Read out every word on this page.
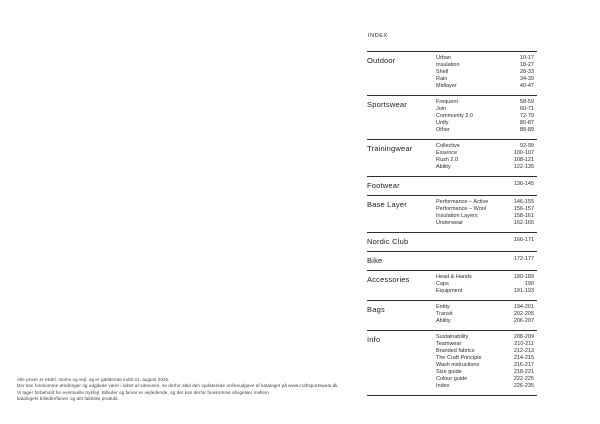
INDEX
Outdoor	Urban	10-17
Insulation	18-27
Shell	28-33
Rain	34-39
Midlayer	40-47
Sportswear	Frequent	58-59
Join	60-71
Community 2.0	72-79
Unify	80-87
Other	88-89
Trainingwear	Collective	92-99
Essence	100-107
Rush 2.0	108-121
Ability	122-135
Footwear	136-145
Base Layer	Performance – Active	146-155
Performance – Wool	156-157
Insulation Layers	158-161
Underwear	162-165
Nordic Club	166-171
Bike	172-177
Accessories	Head & Hands	180-189
Caps	190
Equipment	191-193
Bags	Entity	194-201
Transit	202-205
Ability	206-207
Info	Sustainability	208-209
Teamwear	210-211
Branded fabrics	212-213
The Craft Principle	214-215
Wash instructions	216-217
Size guide	218-221
Colour guide	222-225
Index	226-235
Alle priser er ekskl. moms og vejl. og er gældende indtil 31. august 2026.
Der kan forekomme ændringer og udgåede varer i løbet af sæsonen, se derfor altid den opdaterede onlineudgave af kataloget på www.craftsportswear.dk
Vi tager forbehold for eventuelle trykfejl. Billeder og farver er vejledende, og der kan derfor forekomme afvigelser mellem
katalogets billeder/farver og det faktiske produkt.
